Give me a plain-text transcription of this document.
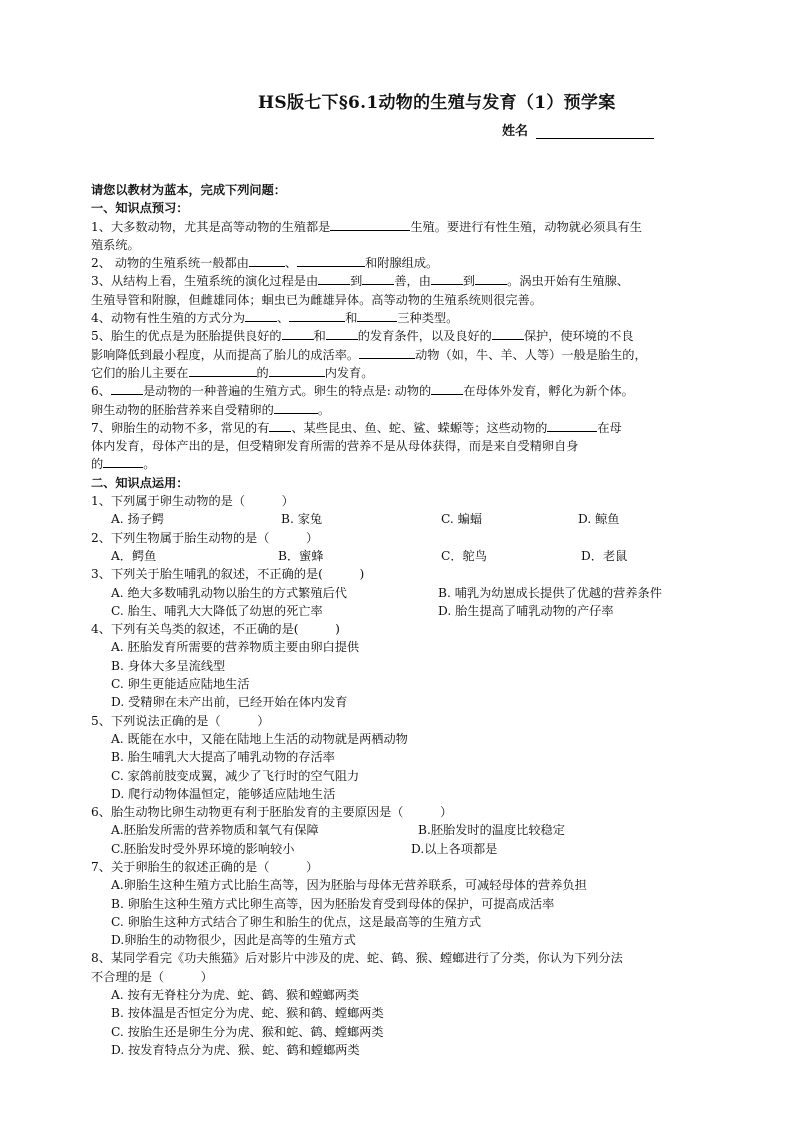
HS版七下§6.1动物的生殖与发育（1）预学案
姓名
请您以教材为蓝本，完成下列问题：
一、知识点预习：
1、大多数动物，尤其是高等动物的生殖都是	生殖。要进行有性生殖，动物就必须具有生
殖系统。
2、 动物的生殖系统一般都由	、	和附腺组成。
3、从结构上看，生殖系统的演化过程是由	到	善，由	到	。涡虫开始有生殖腺、
生殖导管和附腺，但雌雄同体；蛔虫已为雌雄异体。高等动物的生殖系统则很完善。
4、动物有性生殖的方式分为	、	和	三种类型。
5、胎生的优点是为胚胎提供良好的	和	的发育条件，以及良好的	保护，使环境的不良
影响降低到最小程度，从而提高了胎儿的成活率。	动物（如，牛、羊、人等）一般是胎生的，
它们的胎儿主要在	的	内发育。
6、	是动物的一种普遍的生殖方式。卵生的特点是: 动物的	在母体外发育，孵化为新个体。
卵生动物的胚胎营养来自受精卵的	。
7、卵胎生的动物不多，常见的有 、某些昆虫、鱼、蛇、鲨、蝾螈等；这些动物的	在母
体内发育，母体产出的是，但受精卵发育所需的营养不是从母体获得，而是来自受精卵自身
的	。
二、知识点运用：
1、下列属于卵生动物的是（　　　）
A. 扬子鳄	B. 家兔	C. 蝙蝠	D. 鲸鱼
2、下列生物属于胎生动物的是（　　　）
A．鳄鱼	B．蜜蜂	C．鸵鸟	D．老鼠
3、下列关于胎生哺乳的叙述，不正确的是(　　　)
A. 绝大多数哺乳动物以胎生的方式繁殖后代	B. 哺乳为幼崽成长提供了优越的营养条件
C. 胎生、哺乳大大降低了幼崽的死亡率	D. 胎生提高了哺乳动物的产仔率
4、下列有关鸟类的叙述，不正确的是(　　　)
A. 胚胎发育所需要的营养物质主要由卵白提供
B. 身体大多呈流线型
C. 卵生更能适应陆地生活
D. 受精卵在未产出前，已经开始在体内发育
5、下列说法正确的是（　　　）
A. 既能在水中，又能在陆地上生活的动物就是两栖动物
B. 胎生哺乳大大提高了哺乳动物的存活率
C. 家鸽前肢变成翼，减少了飞行时的空气阻力
D. 爬行动物体温恒定，能够适应陆地生活
6、胎生动物比卵生动物更有利于胚胎发育的主要原因是（　　　）
A.胚胎发所需的营养物质和氧气有保障	B.胚胎发时的温度比较稳定
C.胚胎发时受外界环境的影响较小	D.以上各项都是
7、关于卵胎生的叙述正确的是（　　　）
A.卵胎生这种生殖方式比胎生高等，因为胚胎与母体无营养联系，可减轻母体的营养负担
B. 卵胎生这种生殖方式比卵生高等，因为胚胎发育受到母体的保护，可提高成活率
C. 卵胎生这种方式结合了卵生和胎生的优点，这是最高等的生殖方式
D.卵胎生的动物很少，因此是高等的生殖方式
8、某同学看完《功夫熊猫》后对影片中涉及的虎、蛇、鹤、猴、螳螂进行了分类，你认为下列分法
不合理的是（　　　）
A. 按有无脊柱分为虎、蛇、鹤、猴和螳螂两类
B. 按体温是否恒定分为虎、蛇、猴和鹤、螳螂两类
C. 按胎生还是卵生分为虎、猴和蛇、鹤、螳螂两类
D. 按发育特点分为虎、猴、蛇、鹤和螳螂两类
